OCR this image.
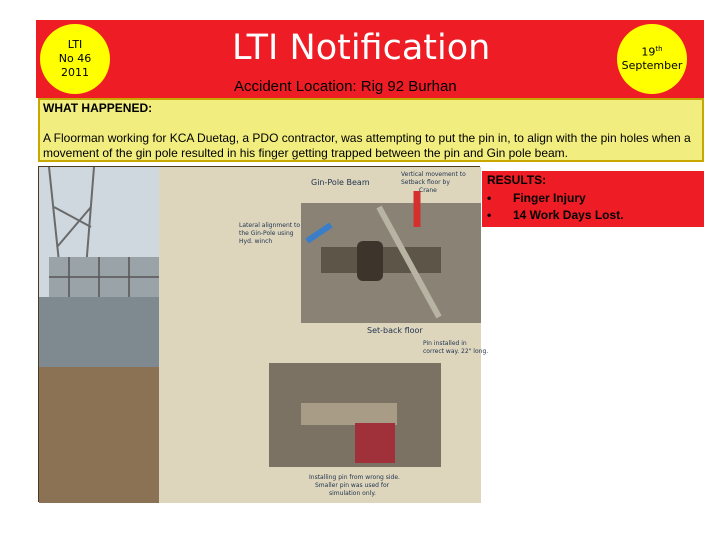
LTI
No 46
2011
LTI Notification
Accident Location: Rig 92 Burhan
19th
September
WHAT HAPPENED:
A Floorman working for KCA Duetag, a PDO contractor, was attempting to put the pin in, to align with the pin holes when a movement of the gin pole resulted in his finger getting trapped between the pin and Gin pole beam.
Gin-Pole Beam
Vertical movement to
Setback floor by
Crane
Lateral alignment to
the Gin-Pole using
Hyd. winch
Set-back floor
Pin installed in
correct way. 22" long.
Installing pin from wrong side.
Smaller pin was used for
simulation only.
RESULTS:
• Finger Injury
• 14 Work Days Lost.
